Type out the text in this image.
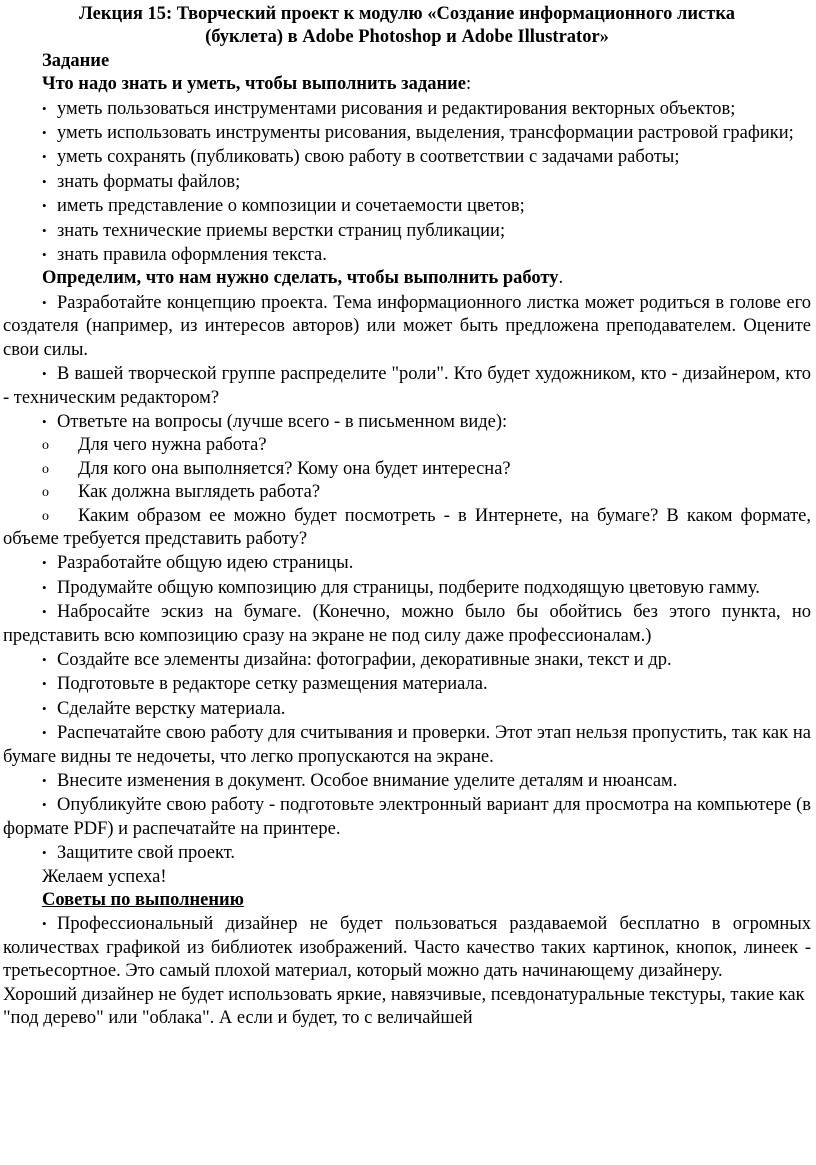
Лекция 15: Творческий проект к модулю «Создание информационного листка

(буклета) в Adobe Photoshop и Adobe Illustrator»

Задание

Что надо знать и уметь, чтобы выполнить задание:

• уметь пользоваться инструментами рисования и редактирования векторных объектов;

• уметь использовать инструменты рисования, выделения, трансформации растровой графики;

• уметь сохранять (публиковать) свою работу в соответствии с задачами работы;

• знать форматы файлов;

• иметь представление о композиции и сочетаемости цветов;

• знать технические приемы верстки страниц публикации;

• знать правила оформления текста.

Определим, что нам нужно сделать, чтобы выполнить работу.

• Разработайте концепцию проекта. Тема информационного листка может родиться в голове его создателя (например, из интересов авторов) или может быть предложена преподавателем. Оцените свои силы.

• В вашей творческой группе распределите "роли". Кто будет художником, кто - дизайнером, кто - техническим редактором?

• Ответьте на вопросы (лучше всего - в письменном виде):

o Для чего нужна работа?

o Для кого она выполняется? Кому она будет интересна?

o Как должна выглядеть работа?

o Каким образом ее можно будет посмотреть - в Интернете, на бумаге? В каком формате, объеме требуется представить работу?

• Разработайте общую идею страницы.

• Продумайте общую композицию для страницы, подберите подходящую цветовую гамму.

• Набросайте эскиз на бумаге. (Конечно, можно было бы обойтись без этого пункта, но представить всю композицию сразу на экране не под силу даже профессионалам.)

• Создайте все элементы дизайна: фотографии, декоративные знаки, текст и др.

• Подготовьте в редакторе сетку размещения материала.

• Сделайте верстку материала.

• Распечатайте свою работу для считывания и проверки. Этот этап нельзя пропустить, так как на бумаге видны те недочеты, что легко пропускаются на экране.

• Внесите изменения в документ. Особое внимание уделите деталям и нюансам.

• Опубликуйте свою работу - подготовьте электронный вариант для просмотра на компьютере (в формате PDF) и распечатайте на принтере.

• Защитите свой проект.

Желаем успеха!

Советы по выполнению

• Профессиональный дизайнер не будет пользоваться раздаваемой бесплатно в огромных количествах графикой из библиотек изображений. Часто качество таких картинок, кнопок, линеек - третьесортное. Это самый плохой материал, который можно дать начинающему дизайнеру.

Хороший дизайнер не будет использовать яркие, навязчивые, псевдонатуральные текстуры, такие как "под дерево" или "облака". А если и будет, то с величайшей
